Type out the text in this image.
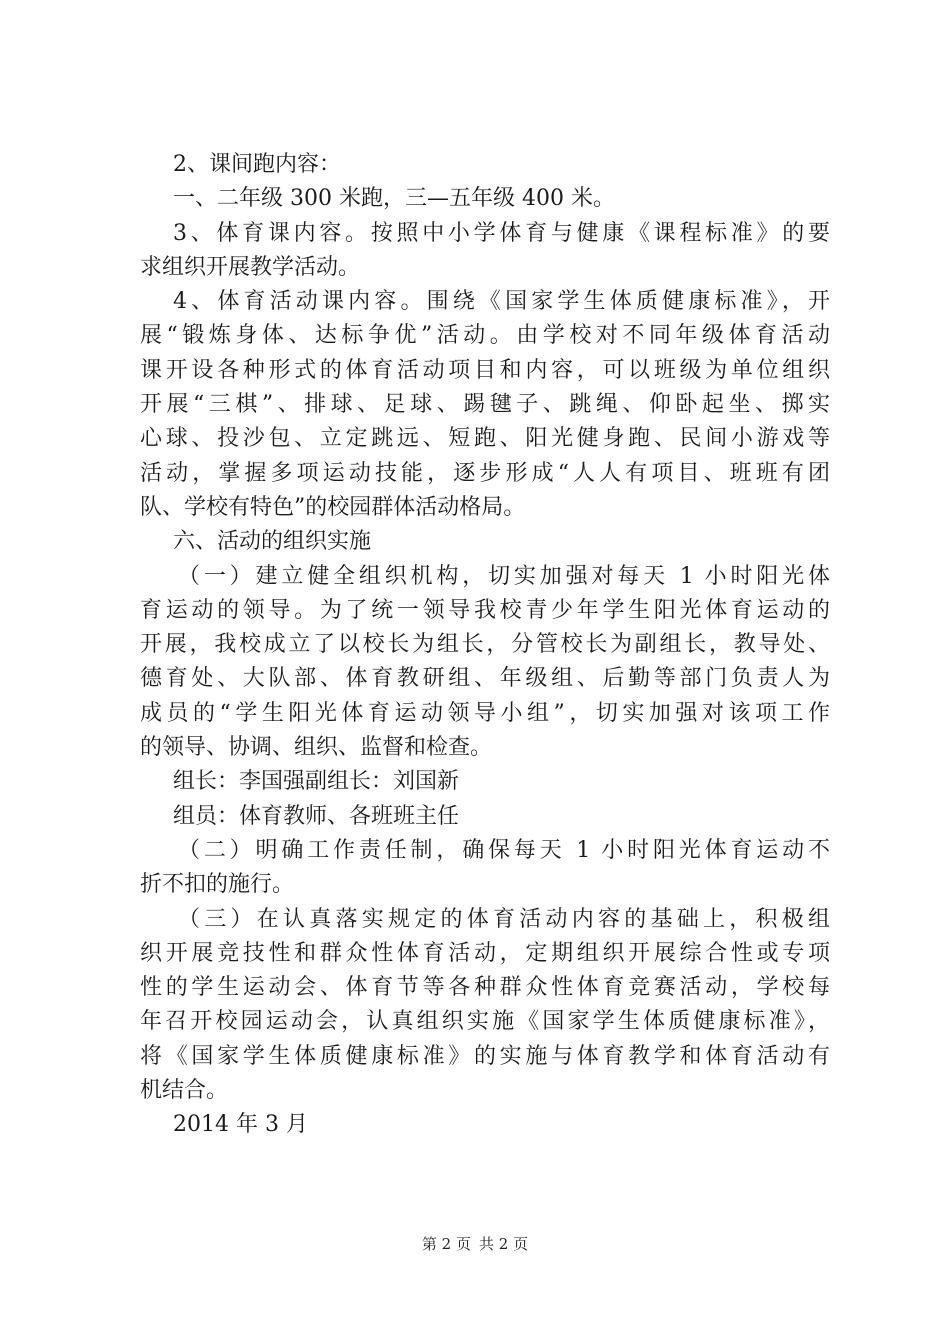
2、课间跑内容：
一、二年级 300 米跑，三—五年级 400 米。
3、体育课内容。按照中小学体育与健康《课程标准》的要
求组织开展教学活动。
4、体育活动课内容。围绕《国家学生体质健康标准》，开
展“锻炼身体、达标争优”活动。由学校对不同年级体育活动
课开设各种形式的体育活动项目和内容，可以班级为单位组织
开展“三棋”、排球、足球、踢毽子、跳绳、仰卧起坐、掷实
心球、投沙包、立定跳远、短跑、阳光健身跑、民间小游戏等
活动，掌握多项运动技能，逐步形成“人人有项目、班班有团
队、学校有特色”的校园群体活动格局。
六、活动的组织实施
（一）建立健全组织机构，切实加强对每天 1 小时阳光体
育运动的领导。为了统一领导我校青少年学生阳光体育运动的
开展，我校成立了以校长为组长，分管校长为副组长，教导处、
德育处、大队部、体育教研组、年级组、后勤等部门负责人为
成员的“学生阳光体育运动领导小组”，切实加强对该项工作
的领导、协调、组织、监督和检查。
组长：李国强副组长：刘国新
组员：体育教师、各班班主任
（二）明确工作责任制，确保每天 1 小时阳光体育运动不
折不扣的施行。
（三）在认真落实规定的体育活动内容的基础上，积极组
织开展竞技性和群众性体育活动，定期组织开展综合性或专项
性的学生运动会、体育节等各种群众性体育竞赛活动，学校每
年召开校园运动会，认真组织实施《国家学生体质健康标准》，
将《国家学生体质健康标准》的实施与体育教学和体育活动有
机结合。
2014 年 3 月
第 2 页 共 2 页
